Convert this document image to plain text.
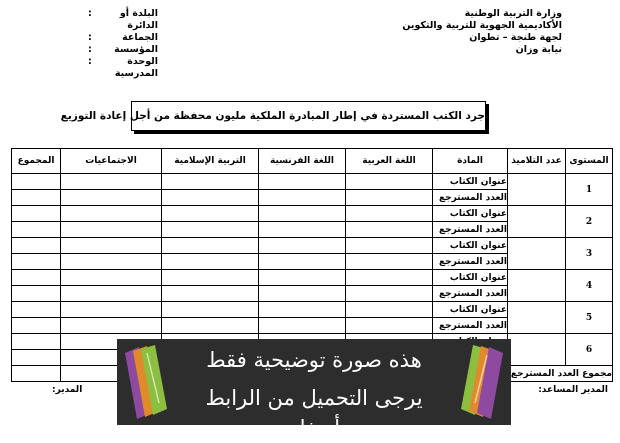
وزارة التربية الوطنية
الأكاديمية الجهوية للتربية والتكوين
لجهة طنجة – تطوان
نيابة وزان
البلدة أو الدائرة
:
الجماعة
:
المؤسسة
:
الوحدة المدرسية
:
جرد الكتب المستردة في إطار المبادرة الملكية مليون محفظة من أجل إعادة التوزيع
المستوى	عدد التلاميذ	المادة	اللغة العربية	اللغة الفرنسية	التربية الإسلامية	الاجتماعيات	المجموع
1		عنوان الكتاب					
		العدد المسترجع					
2		عنوان الكتاب					
		العدد المسترجع					
3		عنوان الكتاب					
		العدد المسترجع					
4		عنوان الكتاب					
		العدد المسترجع					
5		عنوان الكتاب					
		العدد المسترجع					
6							

مجموع العدد المسترجع							
المدير المساعد:
المدير:
هذه صورة توضيحية فقط
يرجى التحميل من الرابط أسفله
